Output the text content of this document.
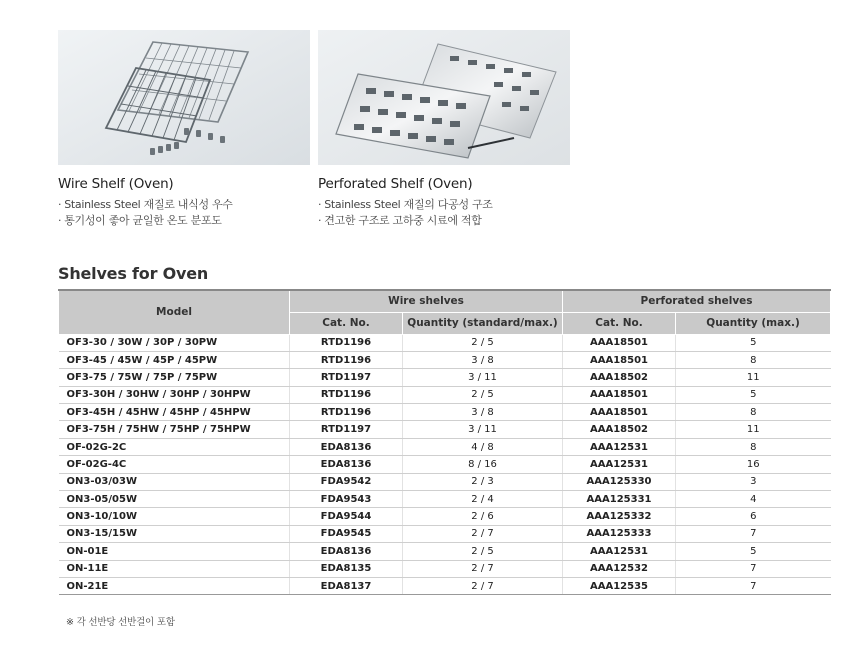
Wire Shelf (Oven)
· Stainless Steel 재질로 내식성 우수
· 통기성이 좋아 균일한 온도 분포도
Perforated Shelf (Oven)
· Stainless Steel 재질의 다공성 구조
· 견고한 구조로 고하중 시료에 적합
Shelves for Oven
Model	Wire shelves		Perforated shelves	
	Cat. No.	Quantity (standard/max.)	Cat. No.	Quantity (max.)
OF3-30 / 30W / 30P / 30PW	RTD1196	2 / 5	AAA18501	5
OF3-45 / 45W / 45P / 45PW	RTD1196	3 / 8	AAA18501	8
OF3-75 / 75W / 75P / 75PW	RTD1197	3 / 11	AAA18502	11
OF3-30H / 30HW / 30HP / 30HPW	RTD1196	2 / 5	AAA18501	5
OF3-45H / 45HW / 45HP / 45HPW	RTD1196	3 / 8	AAA18501	8
OF3-75H / 75HW / 75HP / 75HPW	RTD1197	3 / 11	AAA18502	11
OF-02G-2C	EDA8136	4 / 8	AAA12531	8
OF-02G-4C	EDA8136	8 / 16	AAA12531	16
ON3-03/03W	FDA9542	2 / 3	AAA125330	3
ON3-05/05W	FDA9543	2 / 4	AAA125331	4
ON3-10/10W	FDA9544	2 / 6	AAA125332	6
ON3-15/15W	FDA9545	2 / 7	AAA125333	7
ON-01E	EDA8136	2 / 5	AAA12531	5
ON-11E	EDA8135	2 / 7	AAA12532	7
ON-21E	EDA8137	2 / 7	AAA12535	7
※ 각 선반당 선반걸이 포함
